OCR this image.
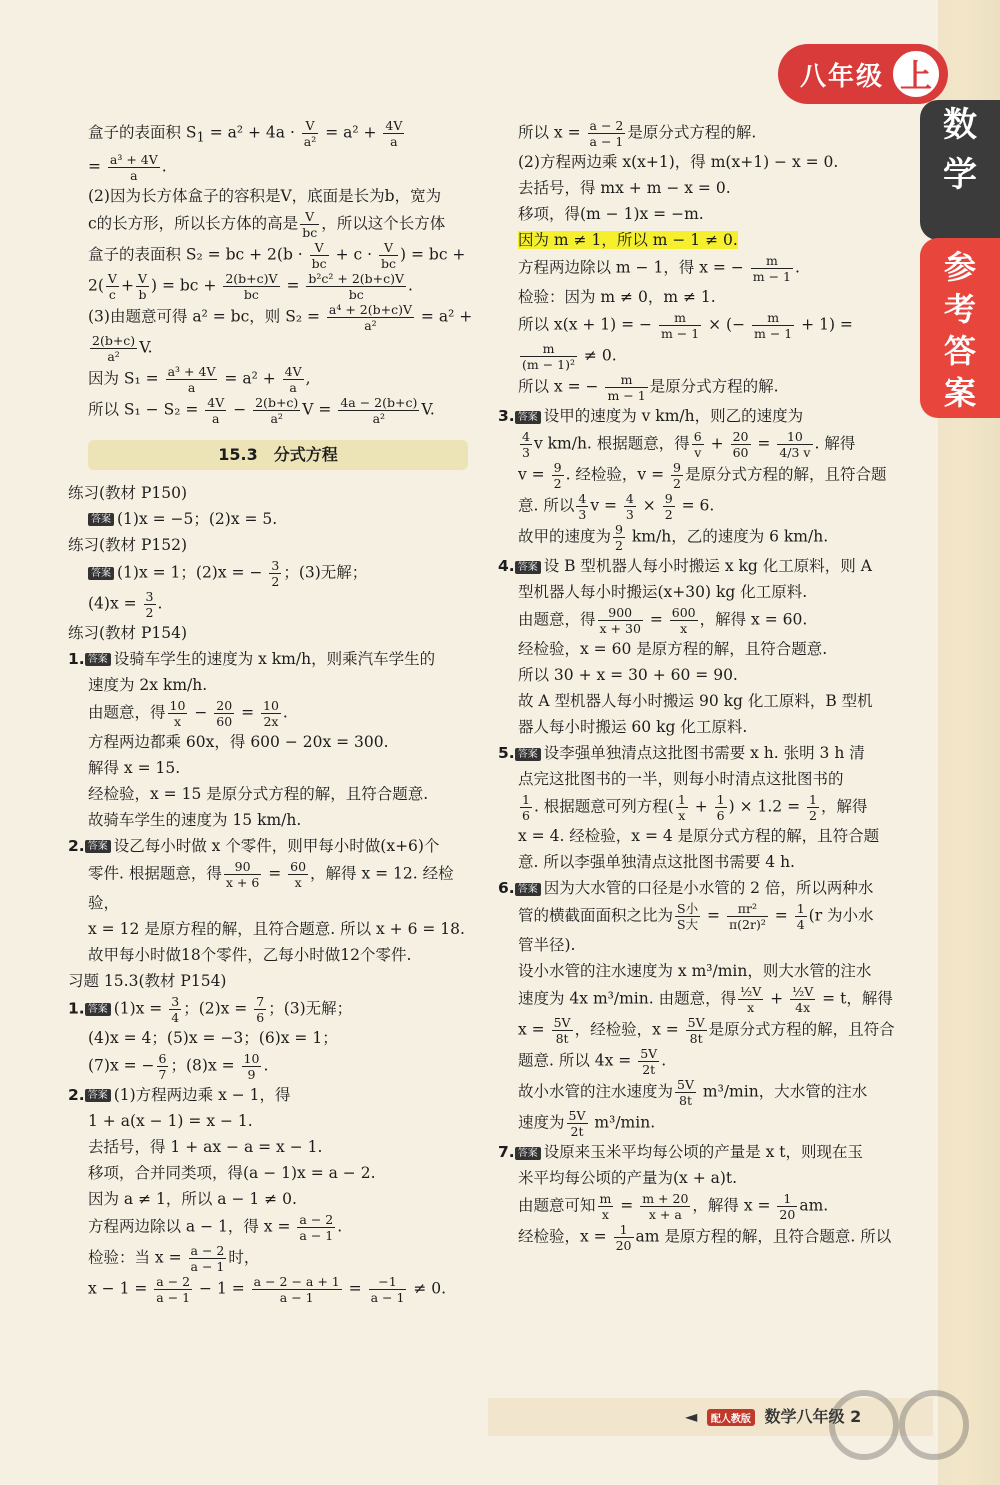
八年级 上
数
学
参
考
答
案

盒子的表面积 $S_1 = a^2 + 4a \cdot \frac{V}{\text{a²}} = a^2 + \frac{4V}{a}$

= $\frac{\text{a³ + 4V}}{a}$ .

(2)因为长方体盒子的容积是V，底面是长为b，宽为

c的长方形，所以长方体的高是 $\frac{V}{bc}$ ，所以这个长方体

盒子的表面积 S₂ = bc + $2(b \cdot \frac{V}{bc} + c \cdot \frac{V}{bc}$ ) = bc +

$2( \frac{V}{c} + \frac{V}{b}$ ) = bc + $\frac{2(b+c)V}{bc} = \frac{\text{b²c² + 2(b+c)V}}{bc}$ .

(3)由题意可得 a² = bc，则 $S_2 = \frac{\text{a⁴ + 2(b+c)V}}{\text{a²}} = a^2$ +

$\frac{2(b+c)}{\text{a²}} V$.

因为 $S_1 = \frac{\text{a³ + 4V}}{a} = a^2 + \frac{4V}{a}$ ,

所以 $S_1 - S_2 = \frac{4V}{a} - \frac{2(b+c)}{\text{a²}}$ $V = \frac{4a - 2(b+c)}{\text{a²}} V$.

15.3　分式方程

练习(教材 P150)

答案 (1)x = −5；(2)x = 5.

练习(教材 P152)

答案 (1)x = 1；(2)x = − $\frac{3}{2}$ ；(3)无解；

$(4)x = \frac{3}{2}$ .

练习(教材 P154)

1. 答案 设骑车学生的速度为 x km/h，则乘汽车学生的

速度为 2x km/h.

由题意，得 $\frac{10}{x} - \frac{20}{60} = \frac{10}{2x}$ .

方程两边都乘 60x，得 600 − 20x = 300.

解得 x = 15.

经检验，x = 15 是原分式方程的解，且符合题意.

故骑车学生的速度为 15 km/h.

2. 答案 设乙每小时做 x 个零件，则甲每小时做(x+6)个

零件. 根据题意，得 $\frac{90}{x + 6} = \frac{60}{x}$ ，解得 x = 12. 经检验，

x = 12 是原方程的解，且符合题意. 所以 x + 6 = 18.

故甲每小时做18个零件，乙每小时做12个零件.

习题 15.3(教材 P154)

1. 答案 $(1)x = \frac{3}{4}$ ；$(2)x = \frac{7}{6}$ ；(3)无解；

(4)x = 4；(5)x = −3；(6)x = 1；

(7)x = − $\frac{6}{7}$ ；$(8)x = \frac{10}{9}$ .

2. 答案 (1)方程两边乘 x − 1，得

1 + a(x − 1) = x − 1.

去括号，得 1 + ax − a = x − 1.

移项，合并同类项，得(a − 1)x = a − 2.

因为 a ≠ 1，所以 a − 1 ≠ 0.

方程两边除以 a − 1，得 $x = \frac{a - 2}{a - 1}$ .

检验：当 $x = \frac{a - 2}{a - 1}$ 时，

$x - 1 = \frac{a - 2}{a - 1} - 1 = \frac{a - 2 - a + 1}{a - 1} = \frac{-1}{a - 1} \ne 0$.

所以 $x = \frac{a - 2}{a - 1}$ 是原分式方程的解.

(2)方程两边乘 x(x+1)，得 m(x+1) − x = 0.

去括号，得 mx + m − x = 0.

移项，得(m − 1)x = −m.

因为 m ≠ 1，所以 m − 1 ≠ 0.

方程两边除以 m − 1，得 x = − $\frac{m}{m - 1}$ .

检验：因为 m ≠ 0，m ≠ 1.

所以 x(x + 1) = − $\frac{m}{m - 1}$ × (− $\frac{m}{m - 1} + 1$) =

$\frac{m}{\text{(m − 1)²}} \ne 0$.

所以 x = − $\frac{m}{m - 1}$ 是原分式方程的解.

3. 答案 设甲的速度为 v km/h，则乙的速度为

$\frac{4}{3}$ v km/h. 根据题意，得 $\frac{6}{v} + \frac{20}{60} = \frac{10}{4/3 v}$ . 解得

$v = \frac{9}{2}$ . 经检验，$v = \frac{9}{2}$ 是原分式方程的解，且符合题

意. 所以 $\frac{4}{3}$ $v = \frac{4}{3} \times \frac{9}{2} = 6$.

故甲的速度为 $\frac{9}{2} km/h$，乙的速度为 6 km/h.

4. 答案 设 B 型机器人每小时搬运 x kg 化工原料，则 A

型机器人每小时搬运(x+30) kg 化工原料.

由题意，得 $\frac{900}{x + 30} = \frac{600}{x}$ ，解得 x = 60.

经检验，x = 60 是原方程的解，且符合题意.

所以 30 + x = 30 + 60 = 90.

故 A 型机器人每小时搬运 90 kg 化工原料，B 型机

器人每小时搬运 60 kg 化工原料.

5. 答案 设李强单独清点这批图书需要 x h. 张明 3 h 清

点完这批图书的一半，则每小时清点这批图书的

$\frac{1}{6}$ . 根据题意可列方程( $\frac{1}{x} + \frac{1}{6}$ ) × $1.2 = \frac{1}{2}$ ，解得

x = 4. 经检验，x = 4 是原分式方程的解，且符合题

意. 所以李强单独清点这批图书需要 4 h.

6. 答案 因为大水管的口径是小水管的 2 倍，所以两种水

管的横截面面积之比为 $\frac{\text{S小}}{\text{S大}} = \frac{\text{πr²}}{\text{π(2r)²}} = \frac{1}{4} (r$ 为小水

管半径).

设小水管的注水速度为 x m³/min，则大水管的注水

速度为 4x m³/min. 由题意，得 $\frac{\text{½V}}{x} + \frac{\text{½V}}{4x} = t$，解得

$x = \frac{5V}{8t}$ ，经检验，$x = \frac{5V}{8t}$ 是原分式方程的解，且符合

题意. 所以 $4x = \frac{5V}{2t}$ .

故小水管的注水速度为 $\frac{5V}{8t} m^3/\min$，大水管的注水

速度为 $\frac{5V}{2t} m^3/\min$.

7. 答案 设原来玉米平均每公顷的产量是 x t，则现在玉

米平均每公顷的产量为(x + a)t.

由题意可知 $\frac{m}{x} = \frac{m + 20}{x + a}$ ，解得 $x = \frac{1}{20}$ am.

经检验，$x = \frac{1}{20}$ am 是原方程的解，且符合题意. 所以

◄ 配人教版 数学八年级 2
